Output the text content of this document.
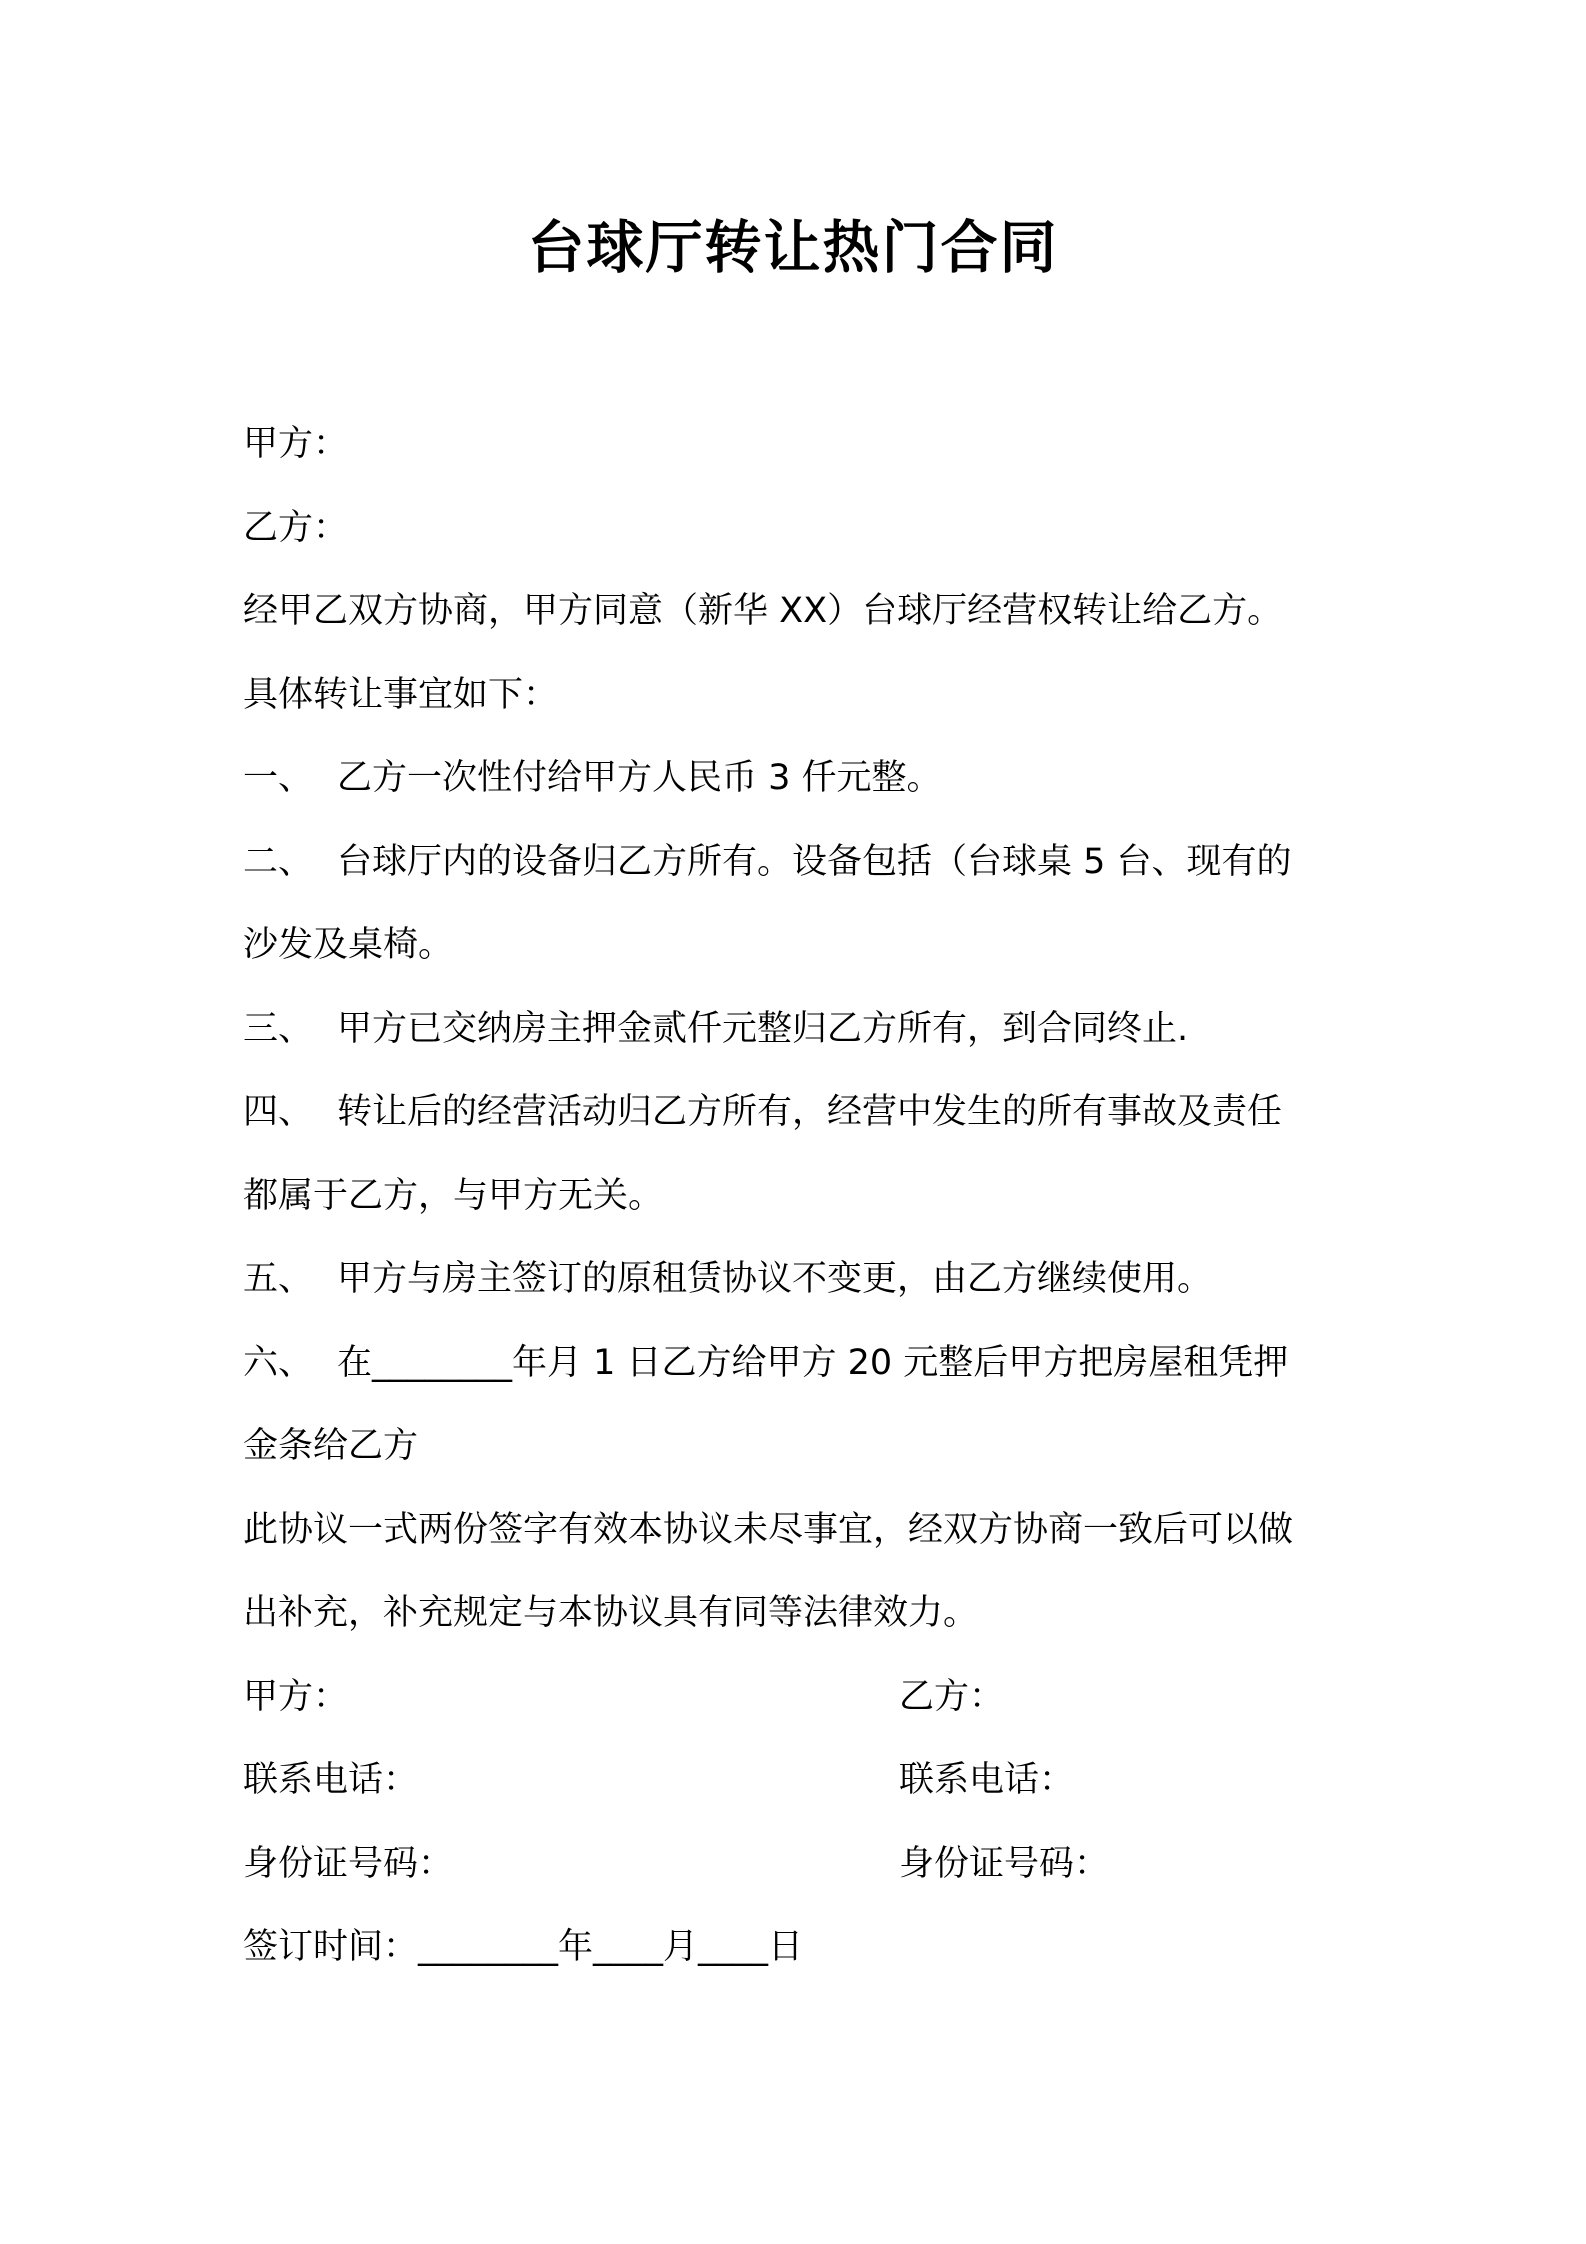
台球厅转让热门合同
甲方：
乙方：
经甲乙双方协商，甲方同意（新华 XX）台球厅经营权转让给乙方。
具体转让事宜如下：
一、 乙方一次性付给甲方人民币 3 仟元整。
二、 台球厅内的设备归乙方所有。设备包括（台球桌 5 台、现有的
沙发及桌椅。
三、 甲方已交纳房主押金贰仟元整归乙方所有，到合同终止.
四、 转让后的经营活动归乙方所有，经营中发生的所有事故及责任
都属于乙方，与甲方无关。
五、 甲方与房主签订的原租赁协议不变更，由乙方继续使用。
六、 在________年月 1 日乙方给甲方 20 元整后甲方把房屋租凭押
金条给乙方
此协议一式两份签字有效本协议未尽事宜，经双方协商一致后可以做
出补充，补充规定与本协议具有同等法律效力。
甲方：	乙方：
联系电话：	联系电话：
身份证号码：	身份证号码：
签订时间：________年____月____日
